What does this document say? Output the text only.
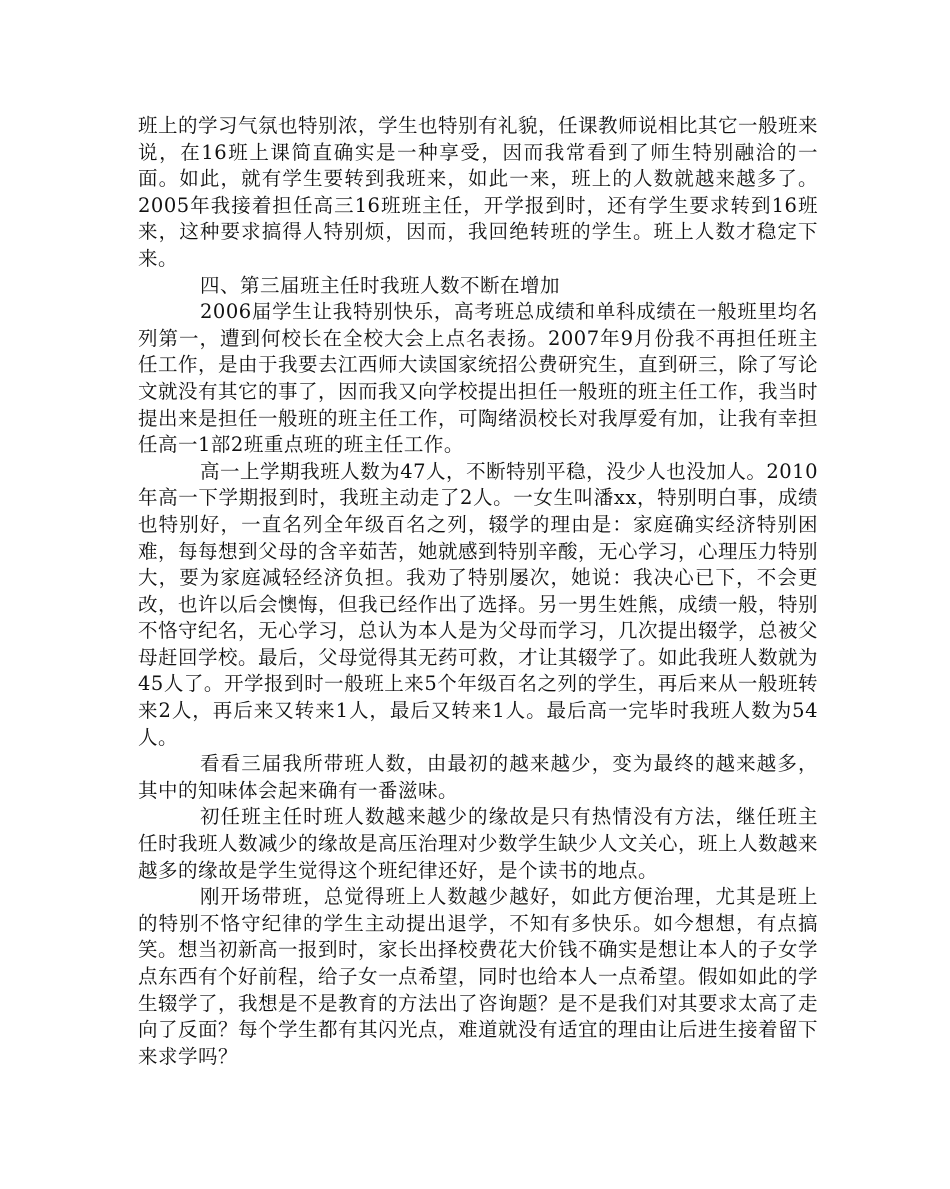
班上的学习气氛也特别浓，学生也特别有礼貌，任课教师说相比其它一般班来说，在16班上课简直确实是一种享受，因而我常看到了师生特别融洽的一面。如此，就有学生要转到我班来，如此一来，班上的人数就越来越多了。2005年我接着担任高三16班班主任，开学报到时，还有学生要求转到16班来，这种要求搞得人特别烦，因而，我回绝转班的学生。班上人数才稳定下来。

四、第三届班主任时我班人数不断在增加

2006届学生让我特别快乐，高考班总成绩和单科成绩在一般班里均名列第一，遭到何校长在全校大会上点名表扬。2007年9月份我不再担任班主任工作，是由于我要去江西师大读国家统招公费研究生，直到研三，除了写论文就没有其它的事了，因而我又向学校提出担任一般班的班主任工作，我当时提出来是担任一般班的班主任工作，可陶绪涢校长对我厚爱有加，让我有幸担任高一1部2班重点班的班主任工作。

高一上学期我班人数为47人，不断特别平稳，没少人也没加人。2010年高一下学期报到时，我班主动走了2人。一女生叫潘xx，特别明白事，成绩也特别好，一直名列全年级百名之列，辍学的理由是：家庭确实经济特别困难，每每想到父母的含辛茹苦，她就感到特别辛酸，无心学习，心理压力特别大，要为家庭减轻经济负担。我劝了特别屡次，她说：我决心已下，不会更改，也许以后会懊悔，但我已经作出了选择。另一男生姓熊，成绩一般，特别不恪守纪名，无心学习，总认为本人是为父母而学习，几次提出辍学，总被父母赶回学校。最后，父母觉得其无药可救，才让其辍学了。如此我班人数就为45人了。开学报到时一般班上来5个年级百名之列的学生，再后来从一般班转来2人，再后来又转来1人，最后又转来1人。最后高一完毕时我班人数为54人。

看看三届我所带班人数，由最初的越来越少，变为最终的越来越多，其中的知味体会起来确有一番滋味。

初任班主任时班人数越来越少的缘故是只有热情没有方法，继任班主任时我班人数减少的缘故是高压治理对少数学生缺少人文关心，班上人数越来越多的缘故是学生觉得这个班纪律还好，是个读书的地点。

刚开场带班，总觉得班上人数越少越好，如此方便治理，尤其是班上的特别不恪守纪律的学生主动提出退学，不知有多快乐。如今想想，有点搞笑。想当初新高一报到时，家长出择校费花大价钱不确实是想让本人的子女学点东西有个好前程，给子女一点希望，同时也给本人一点希望。假如如此的学生辍学了，我想是不是教育的方法出了咨询题？是不是我们对其要求太高了走向了反面？每个学生都有其闪光点，难道就没有适宜的理由让后进生接着留下来求学吗？
